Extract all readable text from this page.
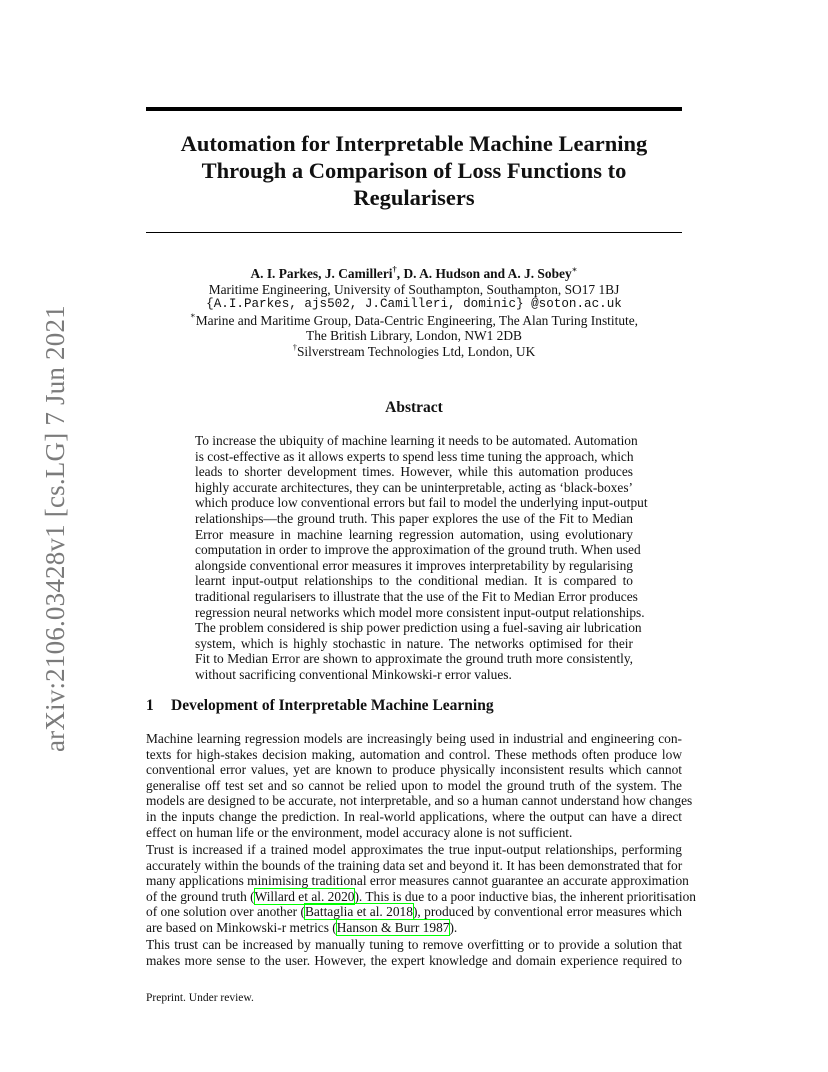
arXiv:2106.03428v1 [cs.LG] 7 Jun 2021
Automation for Interpretable Machine Learning
Through a Comparison of Loss Functions to
Regularisers
A. I. Parkes, J. Camilleri†, D. A. Hudson and A. J. Sobey∗
Maritime Engineering, University of Southampton, Southampton, SO17 1BJ
{A.I.Parkes, ajs502, J.Camilleri, dominic} @soton.ac.uk
∗Marine and Maritime Group, Data-Centric Engineering, The Alan Turing Institute,
The British Library, London, NW1 2DB
†Silverstream Technologies Ltd, London, UK
Abstract
To increase the ubiquity of machine learning it needs to be automated. Automation
is cost-effective as it allows experts to spend less time tuning the approach, which
leads to shorter development times. However, while this automation produces
highly accurate architectures, they can be uninterpretable, acting as ‘black-boxes’
which produce low conventional errors but fail to model the underlying input-output
relationships—the ground truth. This paper explores the use of the Fit to Median
Error measure in machine learning regression automation, using evolutionary
computation in order to improve the approximation of the ground truth. When used
alongside conventional error measures it improves interpretability by regularising
learnt input-output relationships to the conditional median. It is compared to
traditional regularisers to illustrate that the use of the Fit to Median Error produces
regression neural networks which model more consistent input-output relationships.
The problem considered is ship power prediction using a fuel-saving air lubrication
system, which is highly stochastic in nature. The networks optimised for their
Fit to Median Error are shown to approximate the ground truth more consistently,
without sacrificing conventional Minkowski-r error values.
1 Development of Interpretable Machine Learning
Machine learning regression models are increasingly being used in industrial and engineering con-
texts for high-stakes decision making, automation and control. These methods often produce low
conventional error values, yet are known to produce physically inconsistent results which cannot
generalise off test set and so cannot be relied upon to model the ground truth of the system. The
models are designed to be accurate, not interpretable, and so a human cannot understand how changes
in the inputs change the prediction. In real-world applications, where the output can have a direct
effect on human life or the environment, model accuracy alone is not sufficient.
Trust is increased if a trained model approximates the true input-output relationships, performing
accurately within the bounds of the training data set and beyond it. It has been demonstrated that for
many applications minimising traditional error measures cannot guarantee an accurate approximation
of the ground truth (Willard et al. 2020). This is due to a poor inductive bias, the inherent prioritisation
of one solution over another (Battaglia et al. 2018), produced by conventional error measures which
are based on Minkowski-r metrics (Hanson & Burr 1987).
This trust can be increased by manually tuning to remove overfitting or to provide a solution that
makes more sense to the user. However, the expert knowledge and domain experience required to
Preprint. Under review.
